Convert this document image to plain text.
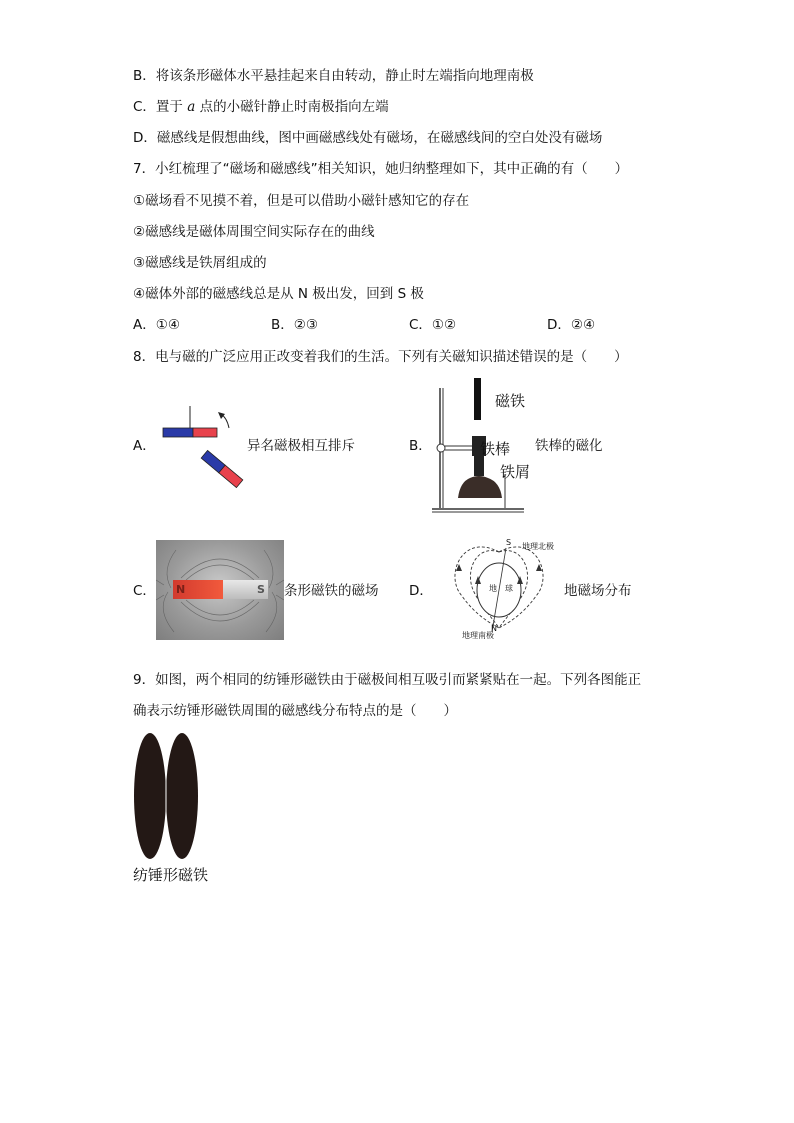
B．将该条形磁体水平悬挂起来自由转动，静止时左端指向地理南极
C．置于 a 点的小磁针静止时南极指向左端
D．磁感线是假想曲线，图中画磁感线处有磁场，在磁感线间的空白处没有磁场
7．小红梳理了“磁场和磁感线”相关知识，她归纳整理如下，其中正确的有（　　）
①磁场看不见摸不着，但是可以借助小磁针感知它的存在
②磁感线是磁体周围空间实际存在的曲线
③磁感线是铁屑组成的
④磁体外部的磁感线总是从 N 极出发，回到 S 极
A．①④	B．②③	C．①②	D．②④
8．电与磁的广泛应用正改变着我们的生活。下列有关磁知识描述错误的是（　　）
A．	异名磁极相互排斥	B．
磁铁
铁棒
铁屑
铁棒的磁化
C． N	S 条形磁铁的磁场 D．
S 地理北极
地　球
N
地理南极
地磁场分布
9．如图，两个相同的纺锤形磁铁由于磁极间相互吸引而紧紧贴在一起。下列各图能正
确表示纺锤形磁铁周围的磁感线分布特点的是（　　）
纺锤形磁铁
